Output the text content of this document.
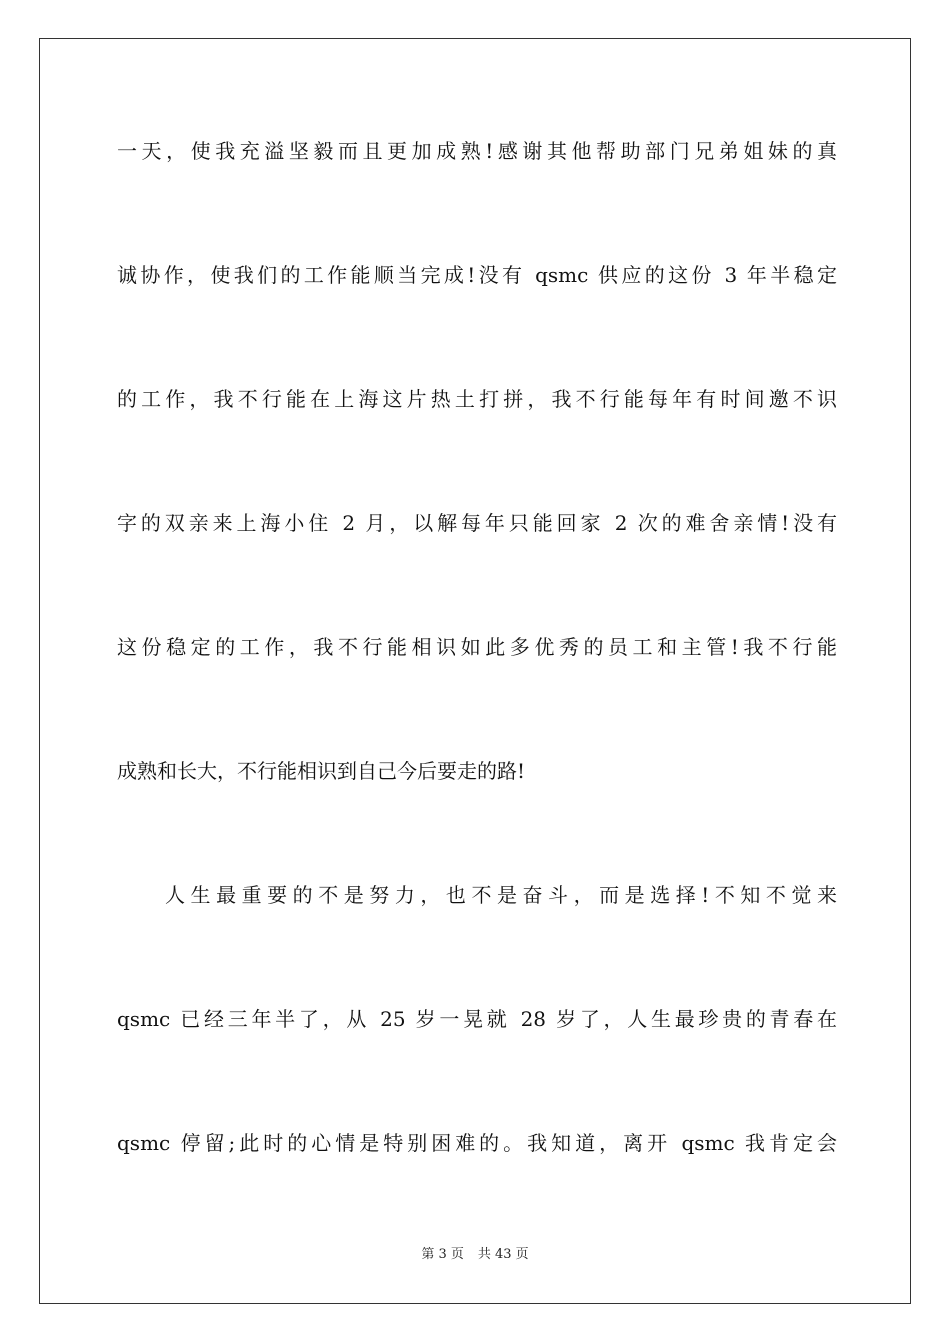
一天，使我充溢坚毅而且更加成熟!感谢其他帮助部门兄弟姐妹的真
诚协作，使我们的工作能顺当完成!没有 qsmc 供应的这份 3 年半稳定
的工作，我不行能在上海这片热土打拼，我不行能每年有时间邀不识
字的双亲来上海小住 2 月，以解每年只能回家 2 次的难舍亲情!没有
这份稳定的工作，我不行能相识如此多优秀的员工和主管!我不行能
成熟和长大，不行能相识到自己今后要走的路!
人生最重要的不是努力，也不是奋斗，而是选择!不知不觉来
qsmc 已经三年半了，从 25 岁一晃就 28 岁了，人生最珍贵的青春在
qsmc 停留;此时的心情是特别困难的。我知道，离开 qsmc 我肯定会
第 3 页 共 43 页
